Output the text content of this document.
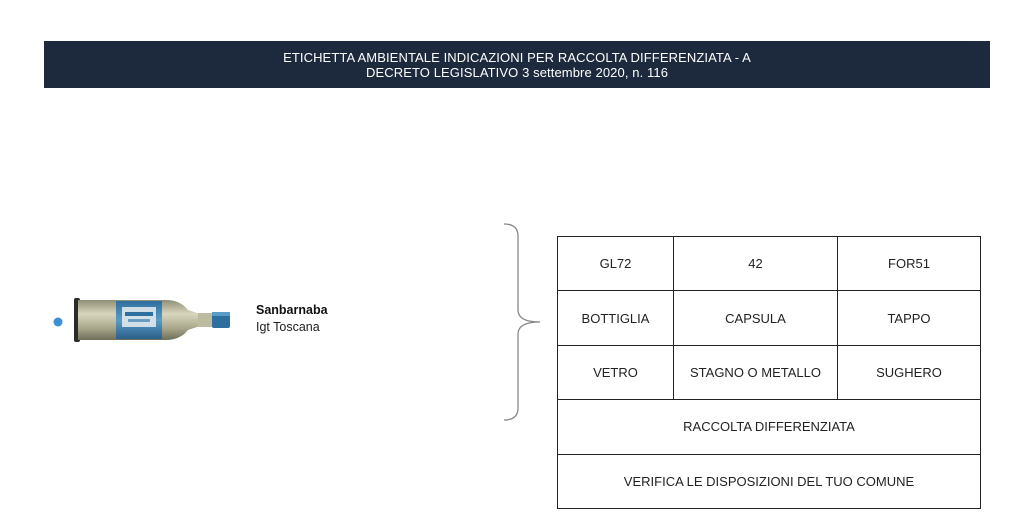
ETICHETTA AMBIENTALE INDICAZIONI PER RACCOLTA DIFFERENZIATA - A
DECRETO LEGISLATIVO 3 settembre 2020, n. 116
Sanbarnaba
Igt Toscana
GL72	42	FOR51
BOTTIGLIA	CAPSULA	TAPPO
VETRO	STAGNO O METALLO	SUGHERO
RACCOLTA DIFFERENZIATA		
VERIFICA LE DISPOSIZIONI DEL TUO COMUNE		
